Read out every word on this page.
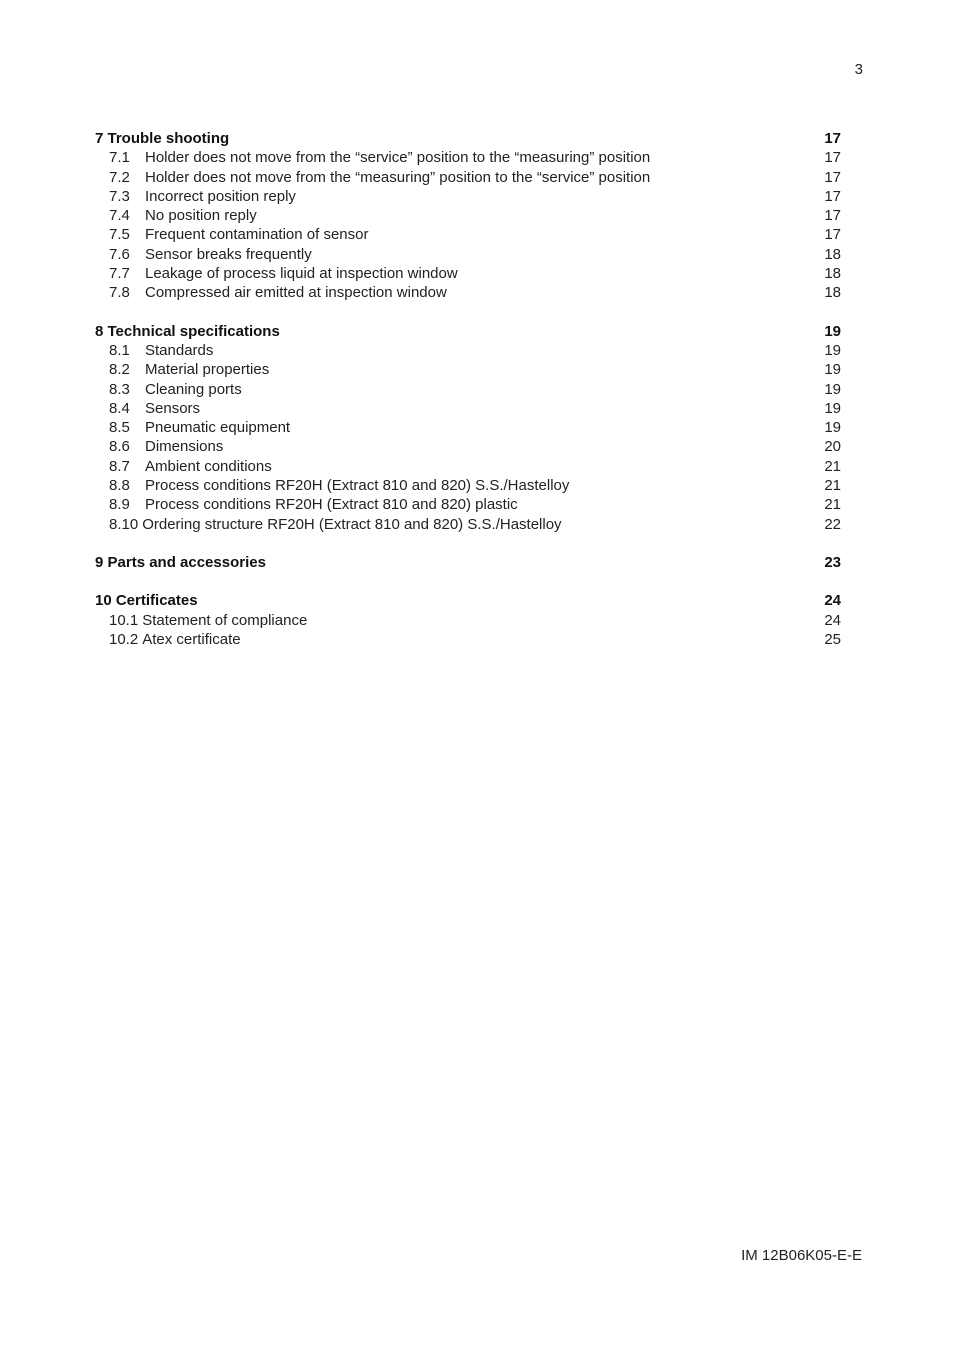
3
7 Trouble shooting	17
7.1	Holder does not move from the “service” position to the “measuring” position	17
7.2	Holder does not move from the “measuring” position to the “service” position	17
7.3	Incorrect position reply	17
7.4	No position reply	17
7.5	Frequent contamination of sensor	17
7.6	Sensor breaks frequently	18
7.7	Leakage of process liquid at inspection window	18
7.8	Compressed air emitted at inspection window	18
8 Technical specifications	19
8.1	Standards	19
8.2	Material properties	19
8.3	Cleaning ports	19
8.4	Sensors	19
8.5	Pneumatic equipment	19
8.6	Dimensions	20
8.7	Ambient conditions	21
8.8	Process conditions RF20H (Extract 810 and 820) S.S./Hastelloy	21
8.9	Process conditions RF20H (Extract 810 and 820) plastic	21
8.10 Ordering structure RF20H (Extract 810 and 820) S.S./Hastelloy	22
9 Parts and accessories	23
10 Certificates	24
10.1 Statement of compliance	24
10.2 Atex certificate	25
IM 12B06K05-E-E
